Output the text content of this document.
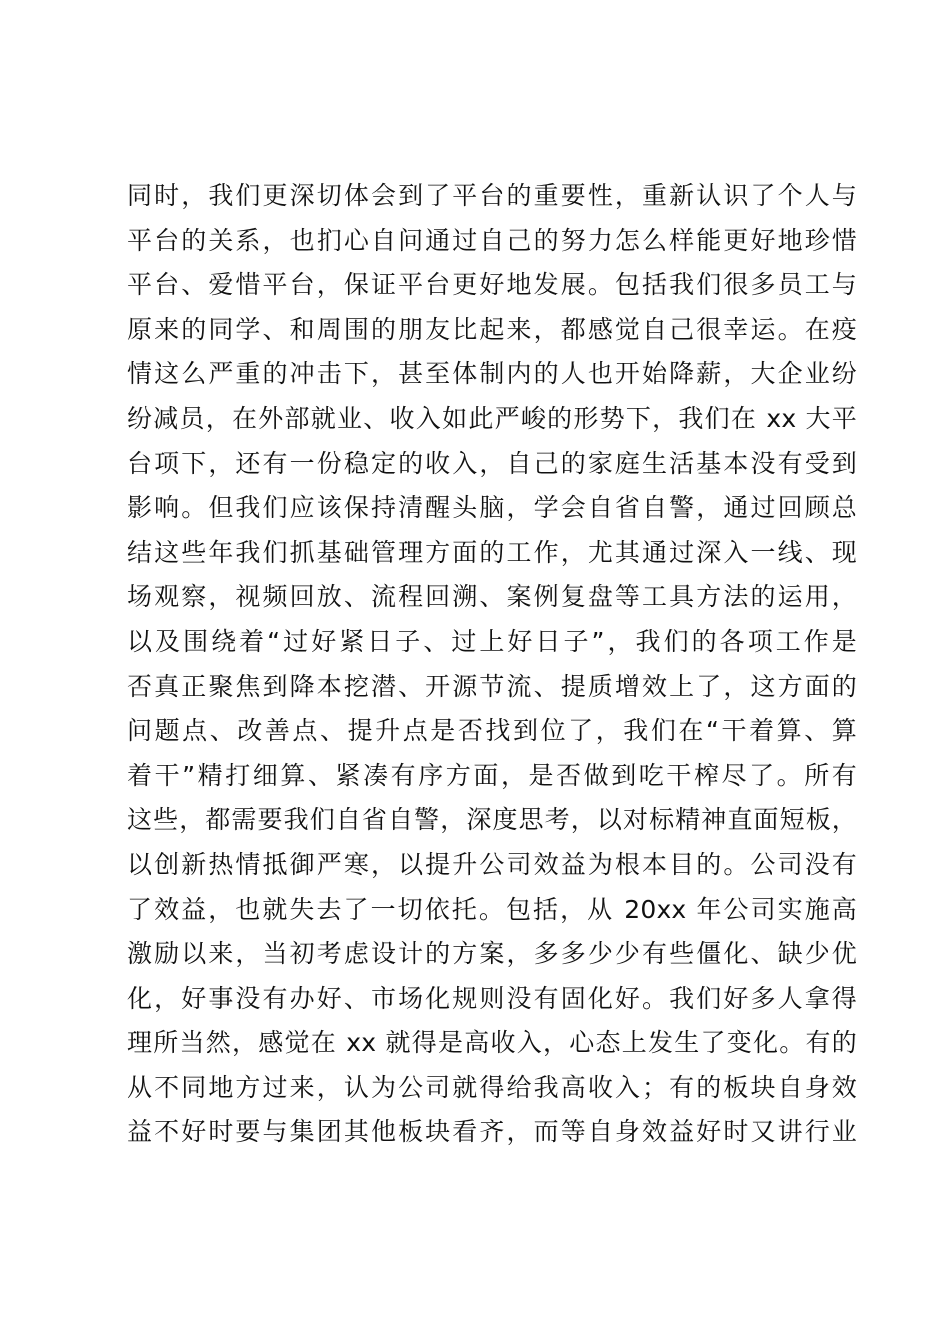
同时，我们更深切体会到了平台的重要性，重新认识了个人与
平台的关系，也扪心自问通过自己的努力怎么样能更好地珍惜
平台、爱惜平台，保证平台更好地发展。包括我们很多员工与
原来的同学、和周围的朋友比起来，都感觉自己很幸运。在疫
情这么严重的冲击下，甚至体制内的人也开始降薪，大企业纷
纷减员，在外部就业、收入如此严峻的形势下，我们在 xx 大平
台项下，还有一份稳定的收入，自己的家庭生活基本没有受到
影响。但我们应该保持清醒头脑，学会自省自警，通过回顾总
结这些年我们抓基础管理方面的工作，尤其通过深入一线、现
场观察，视频回放、流程回溯、案例复盘等工具方法的运用，
以及围绕着“过好紧日子、过上好日子”，我们的各项工作是
否真正聚焦到降本挖潜、开源节流、提质增效上了，这方面的
问题点、改善点、提升点是否找到位了，我们在“干着算、算
着干”精打细算、紧凑有序方面，是否做到吃干榨尽了。所有
这些，都需要我们自省自警，深度思考，以对标精神直面短板，
以创新热情抵御严寒，以提升公司效益为根本目的。公司没有
了效益，也就失去了一切依托。包括，从 20xx 年公司实施高
激励以来，当初考虑设计的方案，多多少少有些僵化、缺少优
化，好事没有办好、市场化规则没有固化好。我们好多人拿得
理所当然，感觉在 xx 就得是高收入，心态上发生了变化。有的
从不同地方过来，认为公司就得给我高收入；有的板块自身效
益不好时要与集团其他板块看齐，而等自身效益好时又讲行业
